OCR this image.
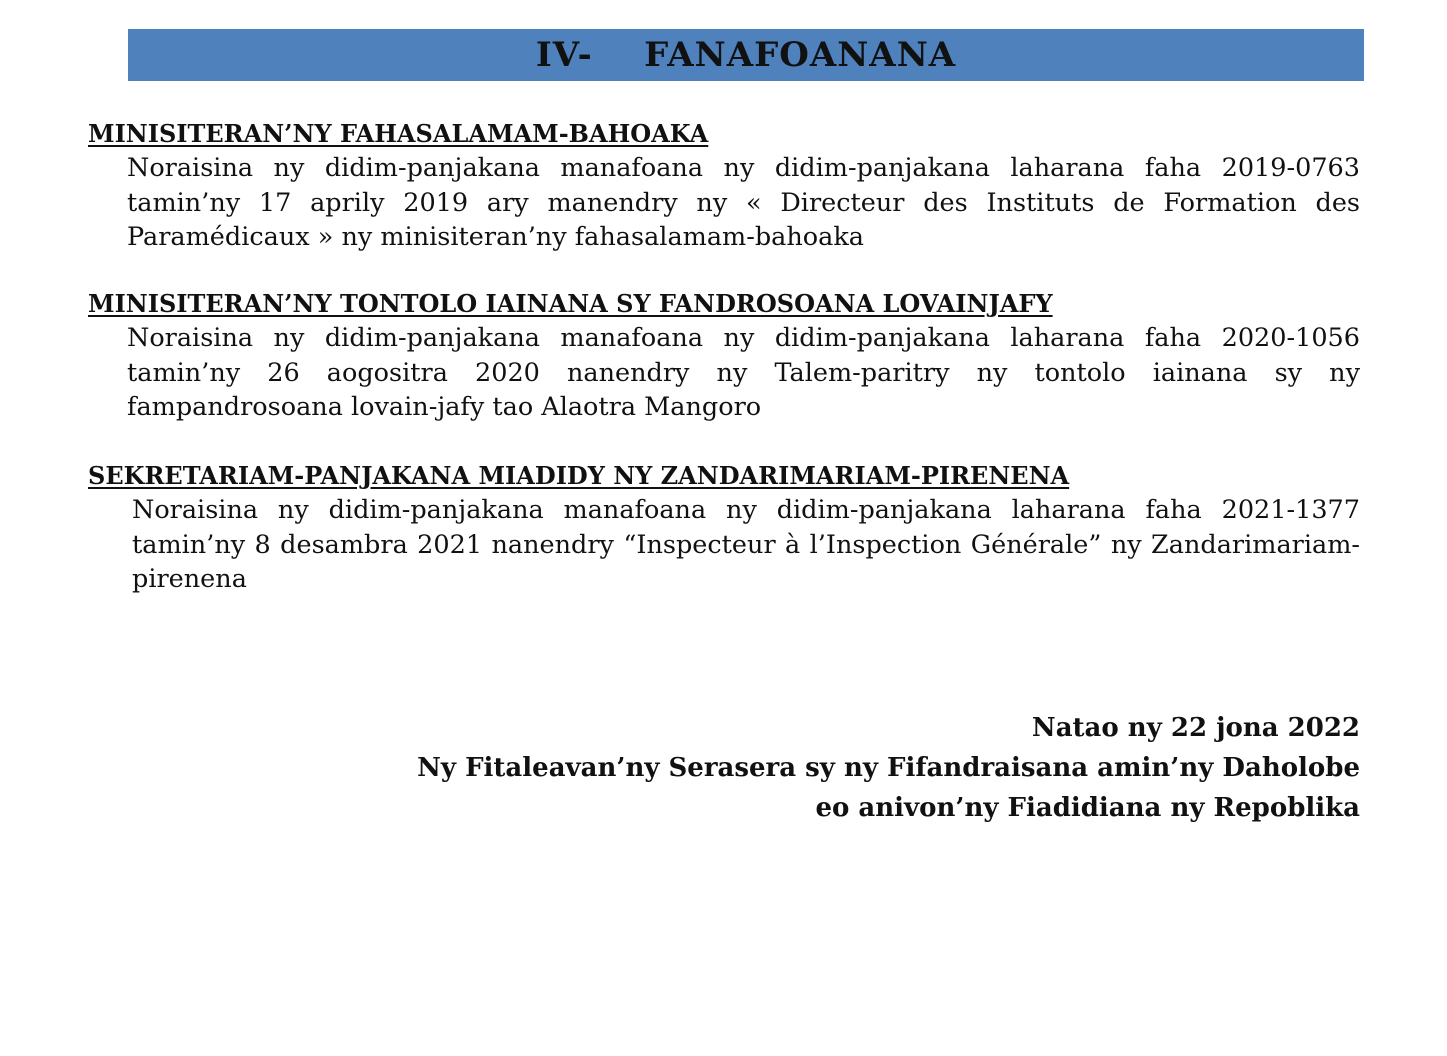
IV-    FANAFOANANA
MINISITERAN’NY FAHASALAMAM-BAHOAKA
Noraisina ny didim-panjakana manafoana ny didim-panjakana laharana faha 2019-0763 tamin’ny 17 aprily 2019 ary manendry ny « Directeur des Instituts de Formation des Paramédicaux » ny minisiteran’ny fahasalamam-bahoaka
MINISITERAN’NY TONTOLO IAINANA SY FANDROSOANA LOVAINJAFY
Noraisina ny didim-panjakana manafoana ny didim-panjakana laharana faha 2020-1056 tamin’ny 26 aogositra 2020 nanendry ny Talem-paritry ny tontolo iainana sy ny fampandrosoana lovain-jafy tao Alaotra Mangoro
SEKRETARIAM-PANJAKANA MIADIDY NY ZANDARIMARIAM-PIRENENA
Noraisina ny didim-panjakana manafoana ny didim-panjakana laharana faha 2021-1377 tamin’ny 8 desambra 2021 nanendry “Inspecteur à l’Inspection Générale” ny Zandarimariam-pirenena
Natao ny 22 jona 2022
Ny Fitaleavan’ny Serasera sy ny Fifandraisana amin’ny Daholobe
eo anivon’ny Fiadidiana ny Repoblika
